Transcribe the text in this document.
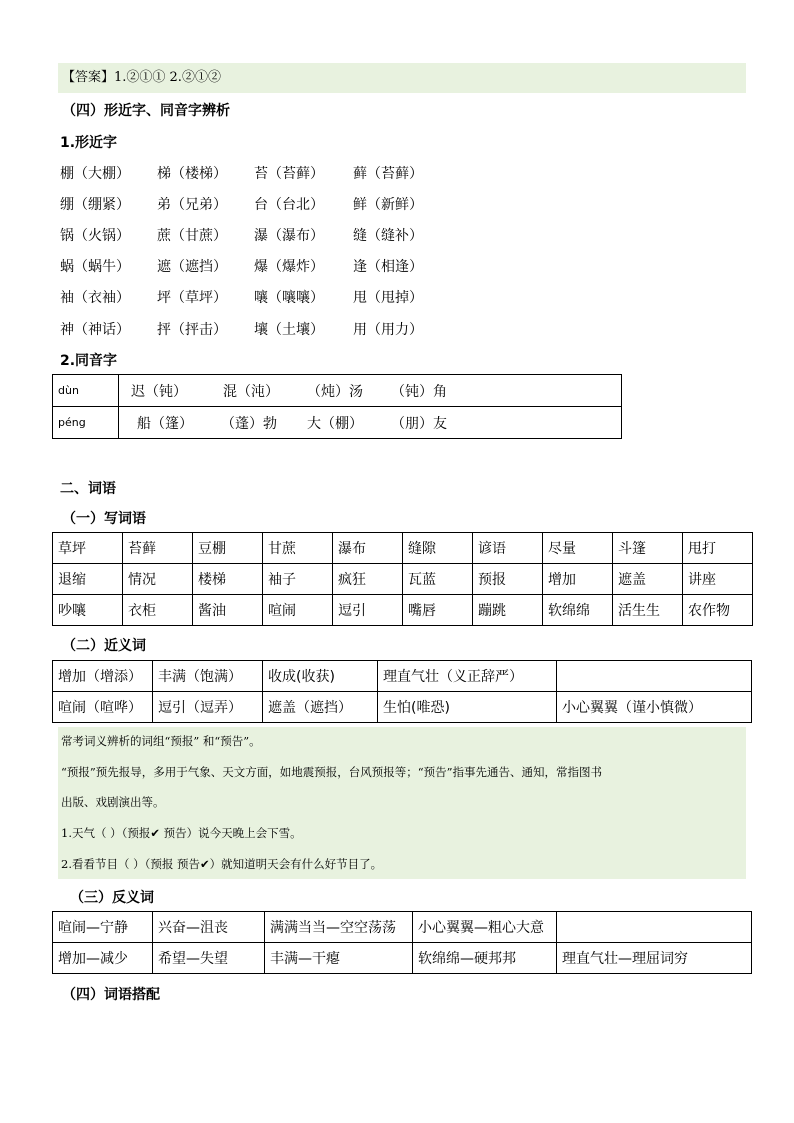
【答案】1.②①① 2.②①②
（四）形近字、同音字辨析
1.形近字
棚（大棚） 梯（楼梯） 苔（苔藓） 藓（苔藓）
绷（绷紧） 弟（兄弟） 台（台北） 鲜（新鲜）
锅（火锅） 蔗（甘蔗） 瀑（瀑布） 缝（缝补）
蜗（蜗牛） 遮（遮挡） 爆（爆炸） 逢（相逢）
袖（衣袖） 坪（草坪） 嚷（嚷嚷） 甩（甩掉）
神（神话） 抨（抨击） 壤（土壤） 用（用力）
2.同音字
dùn	迟（钝） 混（沌） （炖）汤 （钝）角
péng	船（篷） （蓬）勃 大（棚） （朋）友
二、词语
（一）写词语
草坪	苔藓	豆棚	甘蔗	瀑布	缝隙	谚语	尽量	斗篷	甩打
退缩	情况	楼梯	袖子	疯狂	瓦蓝	预报	增加	遮盖	讲座
吵嚷	衣柜	酱油	喧闹	逗引	嘴唇	蹦跳	软绵绵	活生生	农作物
（二）近义词
增加（增添）	丰满（饱满）	收成(收获)	理直气壮（义正辞严）	
喧闹（喧哗）	逗引（逗弄）	遮盖（遮挡）	生怕(唯恐)	小心翼翼（谨小慎微）
常考词义辨析的词组“预报” 和“预告”。
“预报”预先报导，多用于气象、天文方面，如地震预报，台风预报等；“预告”指事先通告、通知，常指图书
出版、戏剧演出等。
1.天气（ ）（预报✔ 预告）说今天晚上会下雪。
2.看看节目（ ）（预报 预告✔）就知道明天会有什么好节目了。
（三）反义词
喧闹—宁静	兴奋—沮丧	满满当当—空空荡荡	小心翼翼—粗心大意	
增加—减少	希望—失望	丰满—干瘪	软绵绵—硬邦邦	理直气壮—理屈词穷
（四）词语搭配
